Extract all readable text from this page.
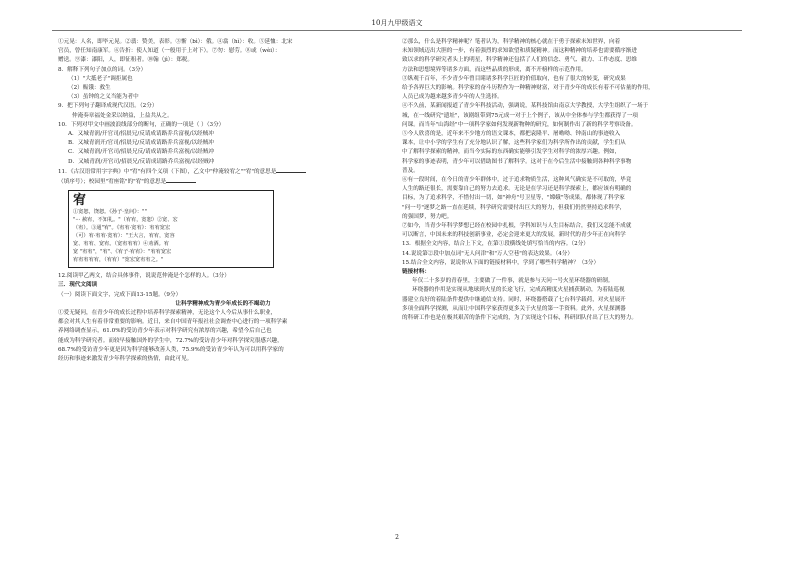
10月九甲级语文
①元晃：人名，即毕元晃。②翡：赞美，表彰。③惭（bì）：俄。④翕（hì）：收。⑤延恤：北宋
官员，曾任知南康军。⑥告折：使人知道（一般用于上对下）。⑦勿：慰劳。⑧或（wèi）：
赠送。⑨漆：漆阳，人，即征租者。⑩翰（jì）：郑税。
8．解释下列句子加点的词。（3分）
（1）"大抵老子"调拒属也
（2）赈饿：救生
（3）虽钟的之义当能为者中
9．把下列句子翻译成现代汉语。（2分）
仲淹奏章福处金采以纳益，上益共从之。
10．下列对甲文中画波浪线部分的断句，正确的一项是（ ）（3分）
A．又城青润/开官司/招晨兄/反请成请路乔兵富视/以经贼冲
B．又城青润开/官司/招晨兄/反请成请路乔兵富视/以经贼冲
C．又城青润/开官司/招晨兄反/请成请路乔兵富视/以经贼冲
D．又城青润/开官司/招晨兄/反请成请路乔兵富视/以经贼冲
11．《古汉语常用字字典》中"宥"有四个义项（下图），乙文中"仲淹较宥之""宥"的意思是
（填序号）；校园里"宥座铭"的"宥"的意思是
宥
①宽恕，饶恕。《孙子·皇问》：""
"··· 赦宥，不知礼。"（宥宥，宽恕）②宽、宏
（宥）。③通"宥"。《宥宥·宽宥》：宥宥宽宏
（可）宥·宥宥·宽宥）："王大言，宥宥，宽容
宽、宥宥、宽宥。（宽宥宥宥）④劝酒。宥
宽 "宥宥"，"宥"、《宥子·宥宥》："宥宥宽宏
宥宥宥宥宥，（宥宥）"宽宏宽宥宥之。"
12.阅读甲乙两文，结合具体事件，说说范仲淹是个怎样的人。（3分）
三．现代文阅读
（一）阅读下面文字，完成下面13-15题。（9分）
让科学精神成为青少年成长的不竭动力
①爱无疑问，在青少年的成长过程中培养科学探索精神，无论这个人今后从事什么职业，
都会对其人生有着非常重要的影响。近日，来自中国青年报社社会调查中心进行的一项科学素
养网络调查显示，61.0%的受访青少年表示对科学研究有浓厚的兴趣，希望今后自己也
能成为科学研究者。而较早接触国外的学生中，72.7%的受访青少年对科学探究很感兴趣，
68.7%的受访青少年更是因为科学能够改善人类，75.9%的受访青少年认为可以用科学家的
经历和事迹来激发青少年科学探索的热情，由此可见。
②那么，什么是科学精神呢？笔者认为，科学精神的核心就在于勇于探索未知世界，向着
未知领域迈出大胆的一步，有着强烈的求知欲望和质疑精神。而这种精神的培养也需要循序渐进
致以求的科学研究者头上的明星，科学精神还包括了人们的信念、勇气、毅力、工作态度、思维
方法和思想境界等诸多方面，而这些品质的形成，离不开榜样的示范作用。
③纵观千百年，不少青少年曾目睹诸多科学巨匠的价值取向，也有了很大的转变，研究成果
给予各界巨大的影响。科学家的奋斗历程作为一种精神财富，对于青少年的成长有着不可估量的作用，
人员已成为越来越多青少年的人生选择。
④不久前，某新闻报道了青少年科技活动，强调说，某科技馆由南京大学教授，大学生组织了一场于
城，在一线研究"遗址"，该剧组带到75元成一对于上个例子，该从中全体参与学生都获得了一项
问课。而当年"山海经"中一项科学家如何发现新物种的研究，如何制作出了新的科学考察设备。
⑤今人欣喜的是，近年来不少地方的语文课本，都把袁隆平、屠呦呦、钟南山的事迹收入
课本，让中小学的学生有了充分地认识了解，这些科学家们为科学所作出的贡献，学生们从
中了解科学探索的精神，而当今实际的东西确实能够引发学生对科学的浓厚兴趣。例如，
科学家的事迹表明，青少年可以借助图书了解科学。这对于在今后生活中接触到各种科学事物
普及。
⑥有一段时间，在今日的青少年群体中，过于追求物质生活，这种风气确实是不可取的，毕竟
人生的路还很长，需要靠自己的努力去追求。无论是在学习还是科学探索上，都应该有明确的
目标，为了追求科学，不惜付出一切，如"神舟"号卫星等，"嫦娥"等成果，都体现了科学家
"问一号"逐梦之路一直在延续，科学研究需要付出巨大的努力，但我们仍然坚持追求科学，
的强国梦，努力吧。
⑦如今，当青少年科学梦想已经在校园中扎根，学科知识与人生目标结合，我们又怎能不成就
可以断言，中国未来的科技创新事业，必定会迎来更大的发展，新时代的青少年正在向科学
13．根据全文内容，结合上下文，在第①段横线处填写恰当的内容。（2分）
14.说说第②段中加点词"无人问津"和"万人空巷"的表达效果。（4分）
15.结合全文内容，说说你从下面的链接材料中，学到了哪些科学精神？（3分）
链接材料：
年仅二十多岁的青春里，主要做了一件事，就是参与天问一号火星环绕器的研制。
环绕器的作用是实现从地球到火星的长途飞行，完成高精度火星捕获制动，为着陆巡视
器建立良好的着陆条件提供中继通信支持。同时，环绕器搭载了七台科学载荷，对火星展开
多项全面科学探测，从而让中国科学家获得更多关于火星的第一手资料。此外，火星探测器
的科研工作也是在极其艰苦的条件下完成的，为了实现这个目标，科研团队付出了巨大的努力。
2
